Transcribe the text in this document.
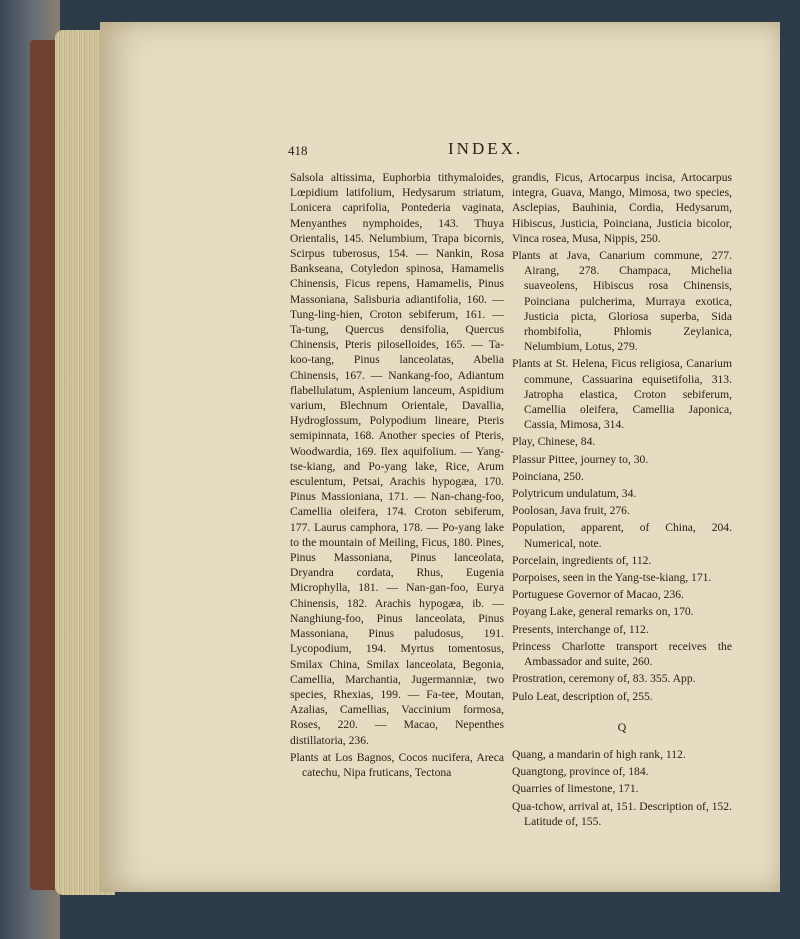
418	INDEX.

Salsola altissima, Euphorbia tithymaloides, Lœpidium latifolium, Hedysarum striatum, Lonicera caprifolia, Pontederia vaginata, Menyanthes nymphoides, 143. Thuya Orientalis, 145. Nelumbium, Trapa bicornis, Scirpus tuberosus, 154. — Nankin, Rosa Bankseana, Cotyledon spinosa, Hamamelis Chinensis, Ficus repens, Hamamelis, Pinus Massoniana, Salisburia adiantifolia, 160. — Tung-ling-hien, Croton sebiferum, 161. — Ta-tung, Quercus densifolia, Quercus Chinensis, Pteris piloselloides, 165. — Ta-koo-tang, Pinus lanceolatas, Abelia Chinensis, 167. — Nankang-foo, Adiantum flabellulatum, Asplenium lanceum, Aspidium varium, Blechnum Orientale, Davallia, Hydroglossum, Polypodium lineare, Pteris semipinnata, 168. Another species of Pteris, Woodwardia, 169. Ilex aquifolium. — Yang-tse-kiang, and Po-yang lake, Rice, Arum esculentum, Petsai, Arachis hypogæa, 170. Pinus Massioniana, 171. — Nan-chang-foo, Camellia oleifera, 174. Croton sebiferum, 177. Laurus camphora, 178. — Po-yang lake to the mountain of Meiling, Ficus, 180. Pines, Pinus Massoniana, Pinus lanceolata, Dryandra cordata, Rhus, Eugenia Microphylla, 181. — Nan-gan-foo, Eurya Chinensis, 182. Arachis hypogæa, ib. — Nanghiung-foo, Pinus lanceolata, Pinus Massoniana, Pinus paludosus, 191. Lycopodium, 194. Myrtus tomentosus, Smilax China, Smilax lanceolata, Begonia, Camellia, Marchantia, Jugermanniæ, two species, Rhexias, 199. — Fa-tee, Moutan, Azalias, Camellias, Vaccinium formosa, Roses, 220. — Macao, Nepenthes distillatoria, 236.

Plants at Los Bagnos, Cocos nucifera, Areca catechu, Nipa fruticans, Tectona

grandis, Ficus, Artocarpus incisa, Artocarpus integra, Guava, Mango, Mimosa, two species, Asclepias, Bauhinia, Cordia, Hedysarum, Hibiscus, Justicia, Poinciana, Justicia bicolor, Vinca rosea, Musa, Nippis, 250.

Plants at Java, Canarium commune, 277. Airang, 278. Champaca, Michelia suaveolens, Hibiscus rosa Chinensis, Poinciana pulcherima, Murraya exotica, Justicia picta, Gloriosa superba, Sida rhombifolia, Phlomis Zeylanica, Nelumbium, Lotus, 279.

Plants at St. Helena, Ficus religiosa, Canarium commune, Cassuarina equisetifolia, 313. Jatropha elastica, Croton sebiferum, Camellia oleifera, Camellia Japonica, Cassia, Mimosa, 314.

Play, Chinese, 84.

Plassur Pittee, journey to, 30.

Poinciana, 250.

Polytricum undulatum, 34.

Poolosan, Java fruit, 276.

Population, apparent, of China, 204. Numerical, note.

Porcelain, ingredients of, 112.

Porpoises, seen in the Yang-tse-kiang, 171.

Portuguese Governor of Macao, 236.

Poyang Lake, general remarks on, 170.

Presents, interchange of, 112.

Princess Charlotte transport receives the Ambassador and suite, 260.

Prostration, ceremony of, 83. 355. App.

Pulo Leat, description of, 255.

Q

Quang, a mandarin of high rank, 112.

Quangtong, province of, 184.

Quarries of limestone, 171.

Qua-tchow, arrival at, 151. Description of, 152. Latitude of, 155.
